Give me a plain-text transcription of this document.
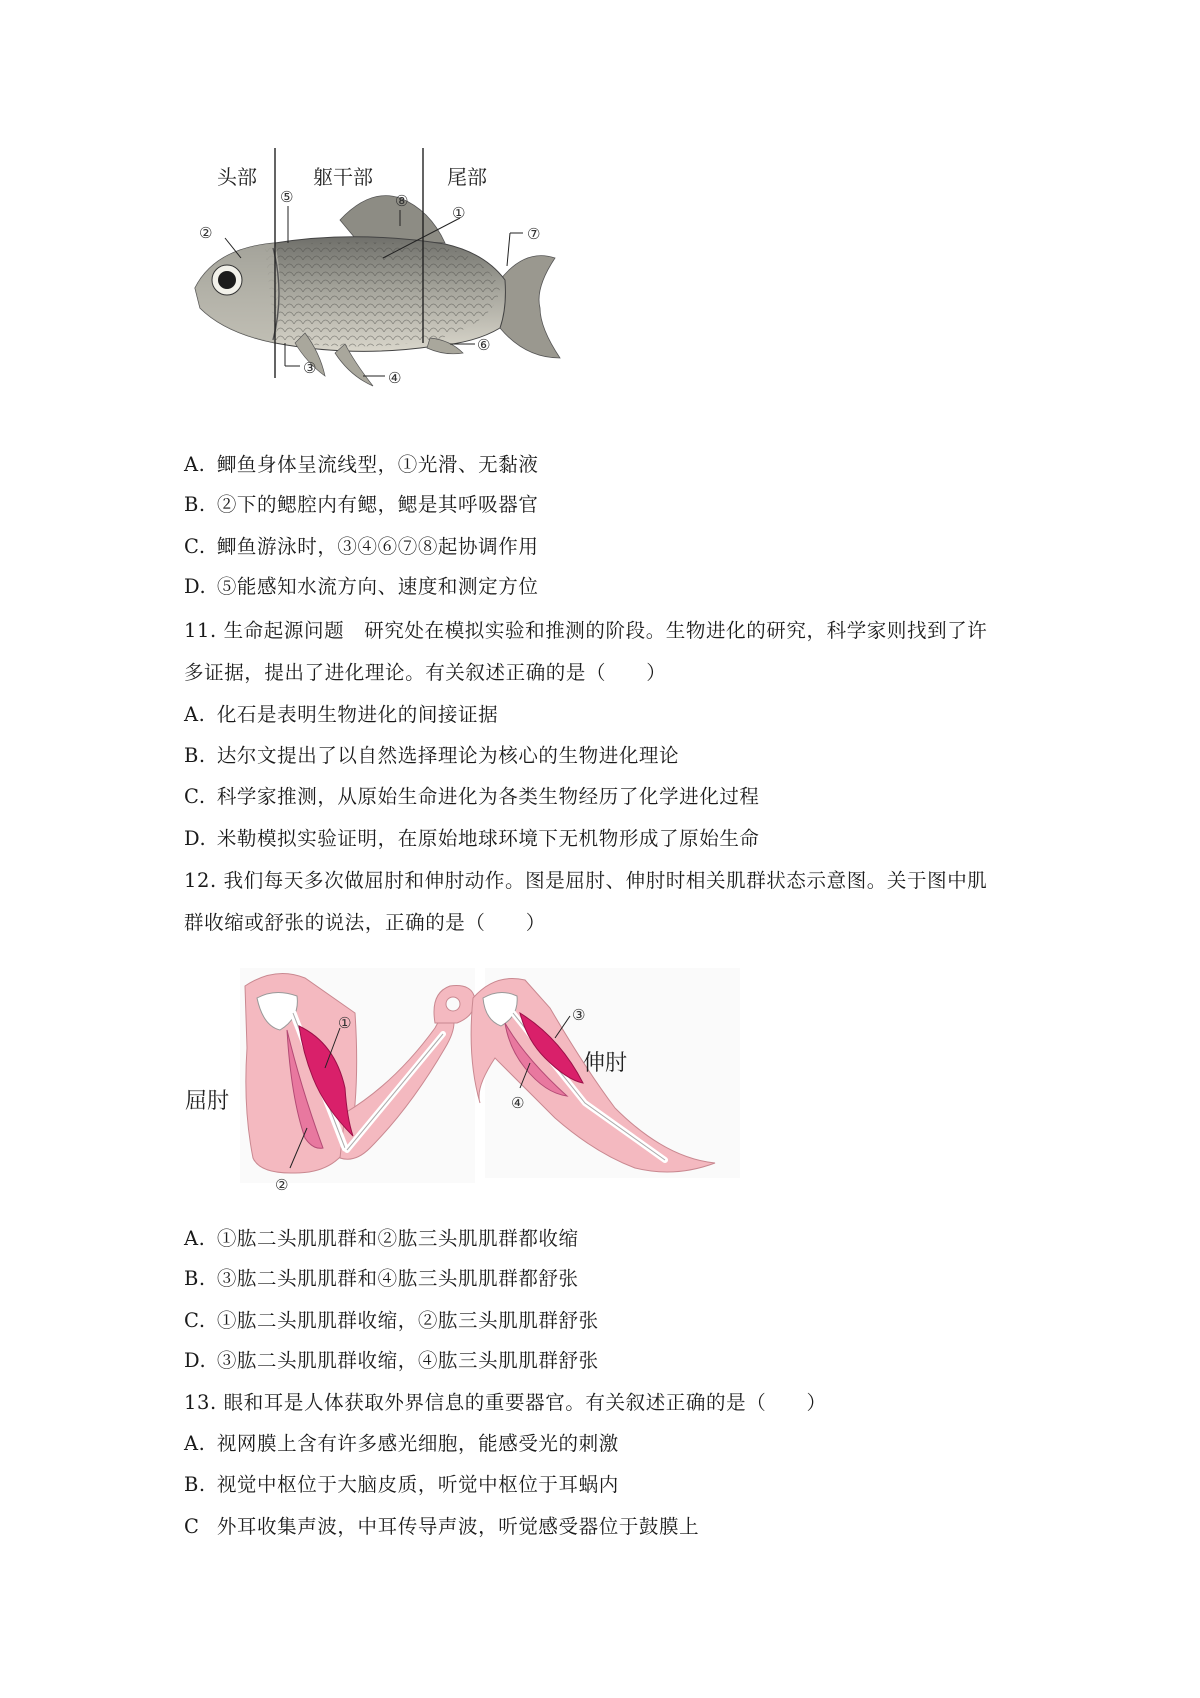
头部	躯干部	尾部
①
②
③
④
⑤
⑥
⑦
⑧
A. 鲫鱼身体呈流线型，①光滑、无黏液
B. ②下的鳃腔内有鳃，鳃是其呼吸器官
C. 鲫鱼游泳时，③④⑥⑦⑧起协调作用
D. ⑤能感知水流方向、速度和测定方位
11. 生命起源问题　研究处在模拟实验和推测的阶段。生物进化的研究，科学家则找到了许
多证据，提出了进化理论。有关叙述正确的是（　　）
A. 化石是表明生物进化的间接证据
B. 达尔文提出了以自然选择理论为核心的生物进化理论
C. 科学家推测，从原始生命进化为各类生物经历了化学进化过程
D. 米勒模拟实验证明，在原始地球环境下无机物形成了原始生命
12. 我们每天多次做屈肘和伸肘动作。图是屈肘、伸肘时相关肌群状态示意图。关于图中肌
群收缩或舒张的说法，正确的是（　　）
①
②
屈肘
③
④
伸肘
A. ①肱二头肌肌群和②肱三头肌肌群都收缩
B. ③肱二头肌肌群和④肱三头肌肌群都舒张
C. ①肱二头肌肌群收缩，②肱三头肌肌群舒张
D. ③肱二头肌肌群收缩，④肱三头肌肌群舒张
13. 眼和耳是人体获取外界信息的重要器官。有关叙述正确的是（　　）
A. 视网膜上含有许多感光细胞，能感受光的刺激
B. 视觉中枢位于大脑皮质，听觉中枢位于耳蜗内
C 外耳收集声波，中耳传导声波，听觉感受器位于鼓膜上
